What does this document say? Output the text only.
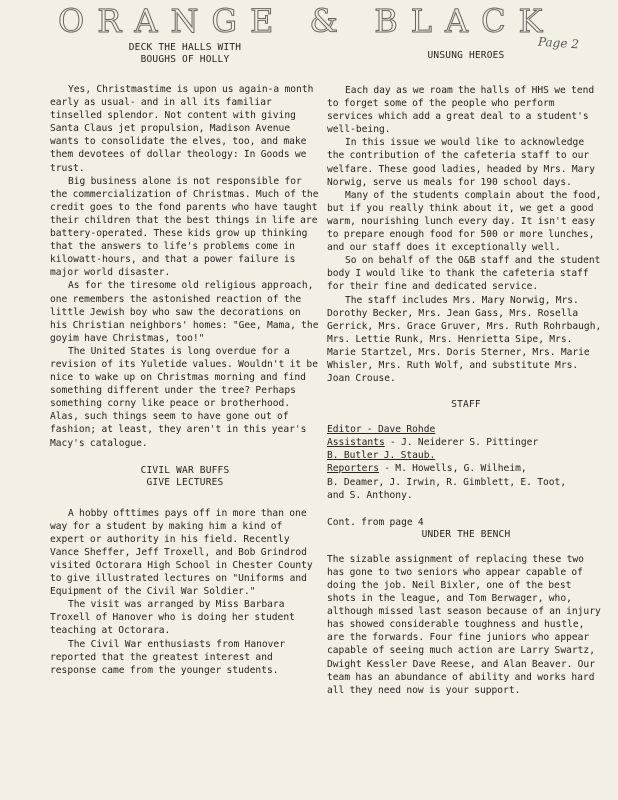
ORANGE & BLACK
Page 2

DECK THE HALLS WITH

BOUGHS OF HOLLY

Yes, Christmastime is upon us again-a month early as usual- and in all its familiar tinselled splendor. Not content with giving Santa Claus jet propulsion, Madison Avenue wants to consolidate the elves, too, and make them devotees of dollar theology: In Goods we trust.

Big business alone is not responsible for the commercialization of Christmas. Much of the credit goes to the fond parents who have taught their children that the best things in life are battery-operated. These kids grow up thinking that the answers to life's problems come in kilowatt-hours, and that a power failure is major world disaster.

As for the tiresome old religious approach, one remembers the astonished reaction of the little Jewish boy who saw the decorations on his Christian neighbors' homes: "Gee, Mama, the goyim have Christmas, too!"

The United States is long overdue for a revision of its Yuletide values. Wouldn't it be nice to wake up on Christmas morning and find something different under the tree? Perhaps something corny like peace or brotherhood. Alas, such things seem to have gone out of fashion; at least, they aren't in this year's Macy's catalogue.

CIVIL WAR BUFFS

GIVE LECTURES

A hobby ofttimes pays off in more than one way for a student by making him a kind of expert or authority in his field. Recently Vance Sheffer, Jeff Troxell, and Bob Grindrod visited Octorara High School in Chester County to give illustrated lectures on "Uniforms and Equipment of the Civil War Soldier."

The visit was arranged by Miss Barbara Troxell of Hanover who is doing her student teaching at Octorara.

The Civil War enthusiasts from Hanover reported that the greatest interest and response came from the younger students.

UNSUNG HEROES

Each day as we roam the halls of HHS we tend to forget some of the people who perform services which add a great deal to a student's well-being.

In this issue we would like to acknowledge the contribution of the cafeteria staff to our welfare. These good ladies, headed by Mrs. Mary Norwig, serve us meals for 190 school days.

Many of the students complain about the food, but if you really think about it, we get a good warm, nourishing lunch every day. It isn't easy to prepare enough food for 500 or more lunches, and our staff does it exceptionally well.

So on behalf of the O&B staff and the student body I would like to thank the cafeteria staff for their fine and dedicated service.

The staff includes Mrs. Mary Norwig, Mrs. Dorothy Becker, Mrs. Jean Gass, Mrs. Rosella Gerrick, Mrs. Grace Gruver, Mrs. Ruth Rohrbaugh, Mrs. Lettie Runk, Mrs. Henrietta Sipe, Mrs. Marie Startzel, Mrs. Doris Sterner, Mrs. Marie Whisler, Mrs. Ruth Wolf, and substitute Mrs. Joan Crouse.

STAFF

Editor - Dave Rohde

Assistants - J. Neiderer S. Pittinger

B. Butler J. Staub.

Reporters - M. Howells, G. Wilheim,

B. Deamer, J. Irwin, R. Gimblett, E. Toot,

and S. Anthony.

Cont. from page 4

UNDER THE BENCH

The sizable assignment of replacing these two has gone to two seniors who appear capable of doing the job. Neil Bixler, one of the best shots in the league, and Tom Berwager, who, although missed last season because of an injury has showed considerable toughness and hustle, are the forwards. Four fine juniors who appear capable of seeing much action are Larry Swartz, Dwight Kessler Dave Reese, and Alan Beaver. Our team has an abundance of ability and works hard all they need now is your support.
